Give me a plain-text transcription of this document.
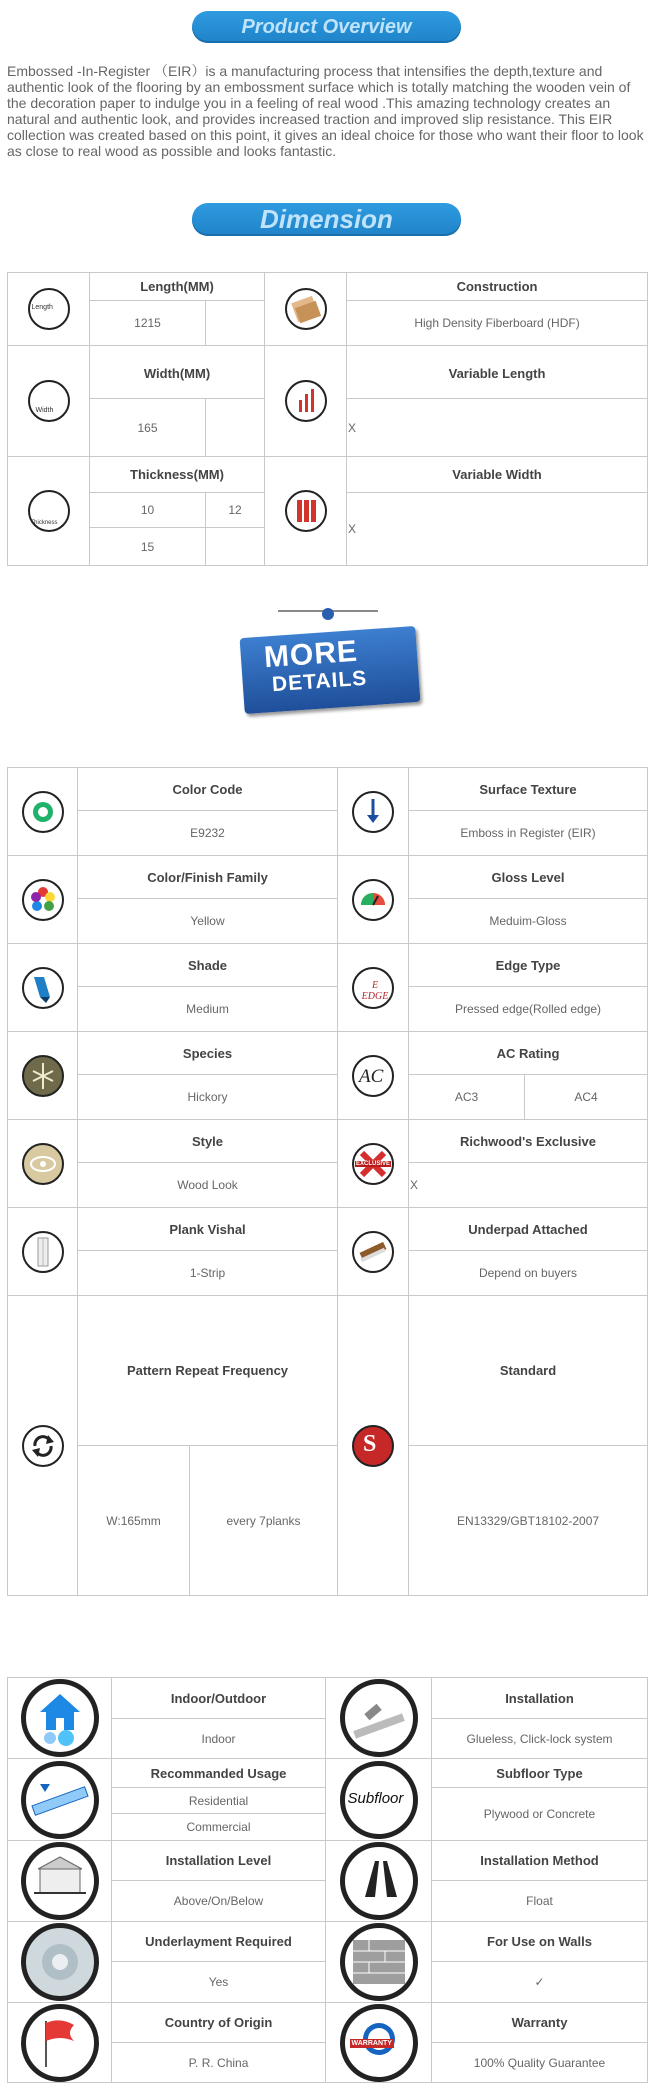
Product Overview

Embossed -In-Register （EIR）is a manufacturing process that intensifies the depth,texture and authentic look of the flooring by an embossment surface which is totally matching the wooden vein of the decoration paper to indulge you in a feeling of real wood .This amazing technology creates an natural and authentic look, and provides increased traction and improved slip resistance. This EIR collection was created based on this point, it gives an ideal choice for those who want their floor to look as close to real wood as possible and looks fantastic.

Dimension
Length	Length(MM)			Construction
	1215			High Density Fiberboard (HDF)

Width	Width(MM)			Variable Length
	165			X

Thickness	Thickness(MM)			Variable Width
	10	12		X
	15			
MORE
DETAILS
	Color Code			Surface Texture	
	E9232			Emboss in Register (EIR)	
	Color/Finish Family			Gloss Level	
	Yellow			Meduim-Gloss	
	Shade		E EDGE	Edge Type	
	Medium			Pressed edge(Rolled edge)	
	Species		AC	AC Rating	
	Hickory			AC3	AC4
	Style		EXCLUSIVE	Richwood's Exclusive	
	Wood Look			X	
	Plank Vishal			Underpad Attached	
	1-Strip			Depend on buyers	
	Pattern Repeat Frequency		S	Standard	
	W:165mm	every 7planks		EN13329/GBT18102-2007	
	Indoor/Outdoor		Installation
	Indoor		Glueless, Click-lock system
	Recommanded Usage	Subfloor	Subfloor Type
	Residential		Plywood or Concrete
	Commercial		
	Installation Level		Installation Method
	Above/On/Below		Float
	Underlayment Required		For Use on Walls
	Yes		✓
	Country of Origin	WARRANTY	Warranty
	P. R. China		100% Quality Guarantee
